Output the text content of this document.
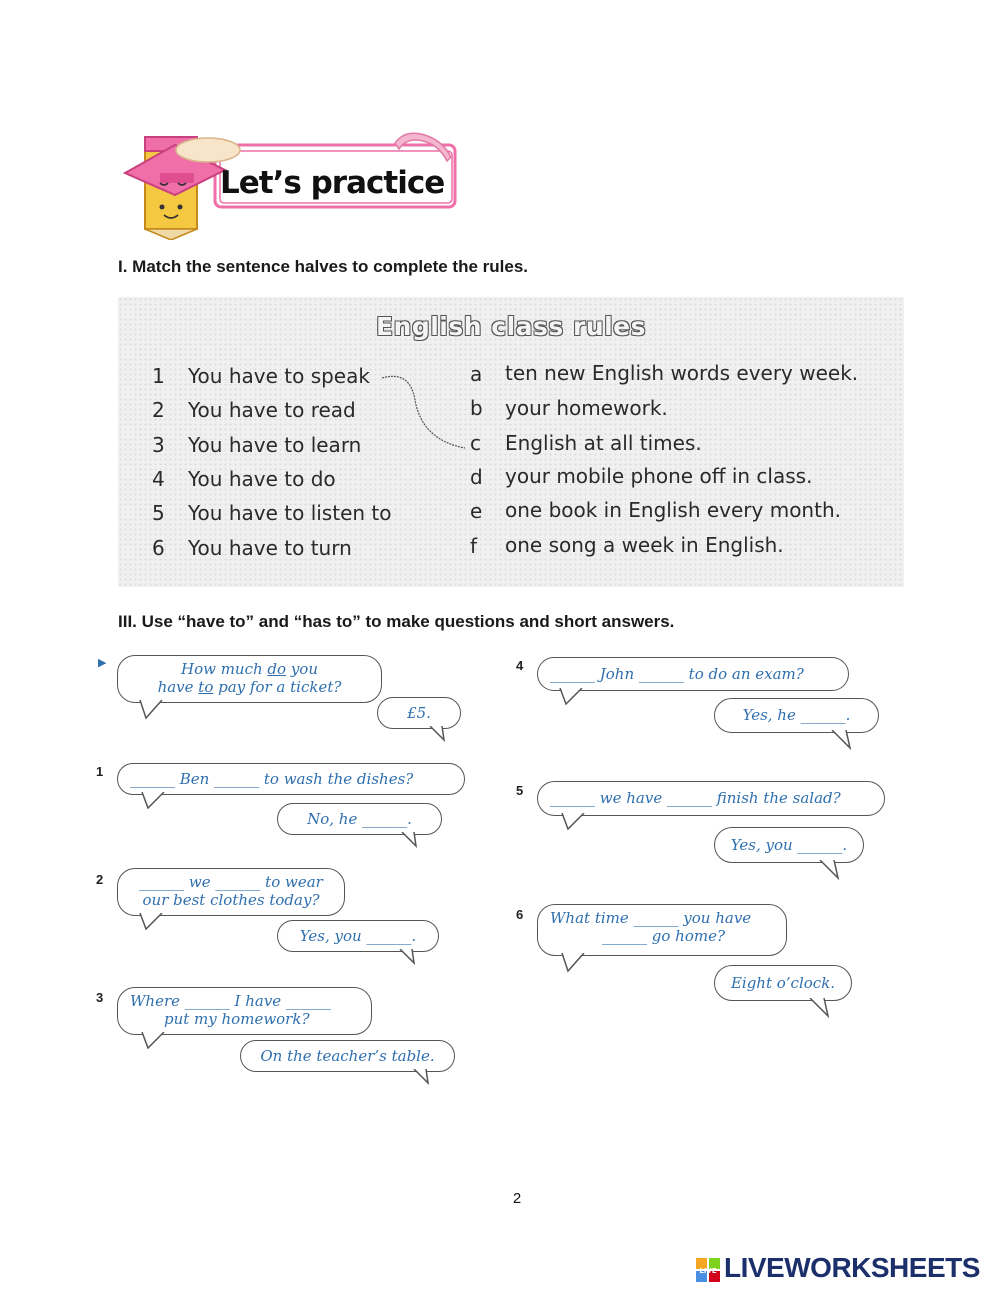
Let’s practice
I. Match the sentence halves to complete the rules.
English class rules
1 You have to speak	a ten new English words every week.
2 You have to read	b your homework.
3 You have to learn	c English at all times.
4 You have to do	d your mobile phone off in class.
5 You have to listen to	e one book in English every month.
6 You have to turn	f one song a week in English.
III. Use “have to” and “has to” to make questions and short answers.
▶	How much do you
have to pay for a ticket?
£5.
1	______ Ben ______ to wash the dishes?
No, he ______.
2	______ we ______ to wear
our best clothes today?
Yes, you ______.
3	Where ______ I have ______
put my homework?
On the teacher’s table.
4	______ John ______ to do an exam?
Yes, he ______.
5	______ we have ______ finish the salad?
Yes, you ______.
6	What time ______ you have
______ go home?
Eight o’clock.
2
LIVE LIVEWORKSHEETS
